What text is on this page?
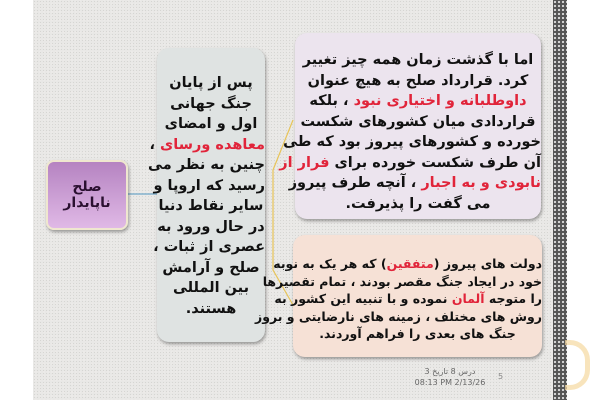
صلح ناپایدار
پس از پایان
جنگ جهانی
اول و امضای
معاهده ورسای ،
چنین به نظر می
رسید که اروپا و
سایر نقاط دنیا
در حال ورود به
عصری از ثبات ،
صلح و آرامش
بین المللی
هستند.
اما با گذشت زمان همه چیز تغییر
کرد. قرارداد صلح به هیچ عنوان
داوطلبانه و اختیاری نبود ، بلکه
قراردادی میان کشورهای شکست
خورده و کشورهای پیروز بود که طی
آن طرف شکست خورده برای فرار از
نابودی و به اجبار ، آنچه طرف پیروز
می گفت را پذیرفت.
دولت های پیروز (متفقین) که هر یک به نوبه
خود در ایجاد جنگ مقصر بودند ، تمام تقصیرها
را متوجه آلمان نموده و با تنبیه این کشور به
روش های مختلف ، زمینه های نارضایتی و بروز
جنگ های بعدی را فراهم آوردند.
درس 8 تاریخ 3
08:13 PM 2/13/26
5
